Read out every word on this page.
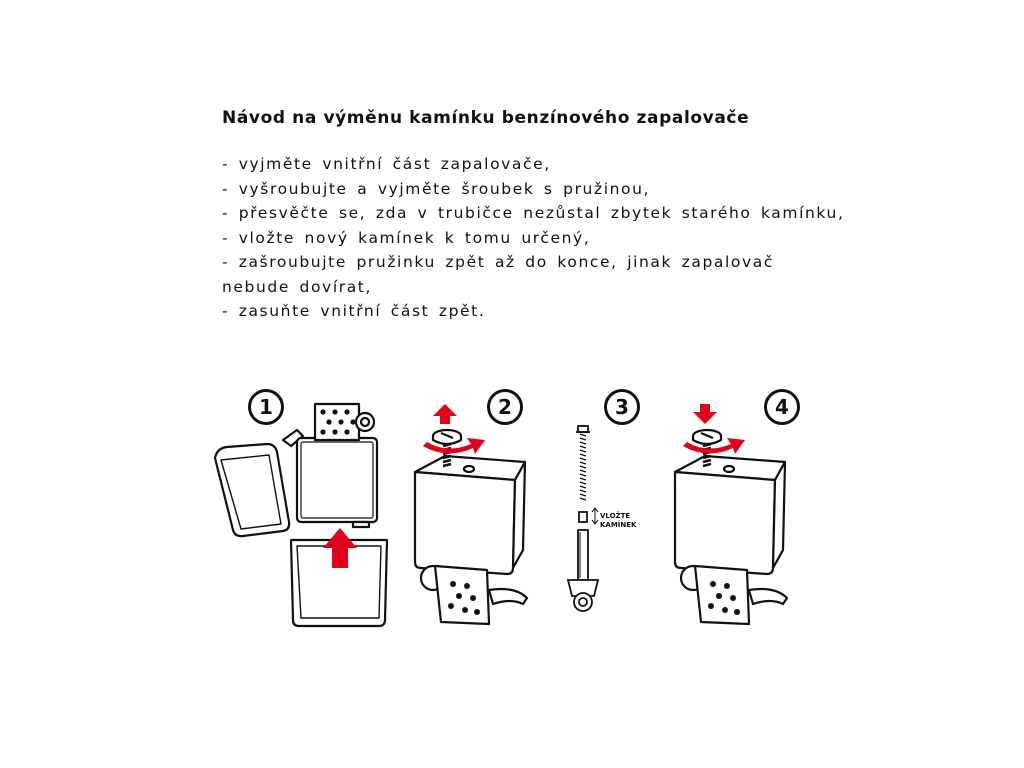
Návod na výměnu kamínku benzínového zapalovače
- vyjměte vnitřní část zapalovače,
- vyšroubujte a vyjměte šroubek s pružinou,
- přesvěčte se, zda v trubičce nezůstal zbytek starého kamínku,
- vložte nový kamínek k tomu určený,
- zašroubujte pružinku zpět až do konce, jinak zapalovač
nebude dovírat,
- zasuňte vnitřní část zpět.
1	2	3	4
VLOŽTE
KAMÍNEK
